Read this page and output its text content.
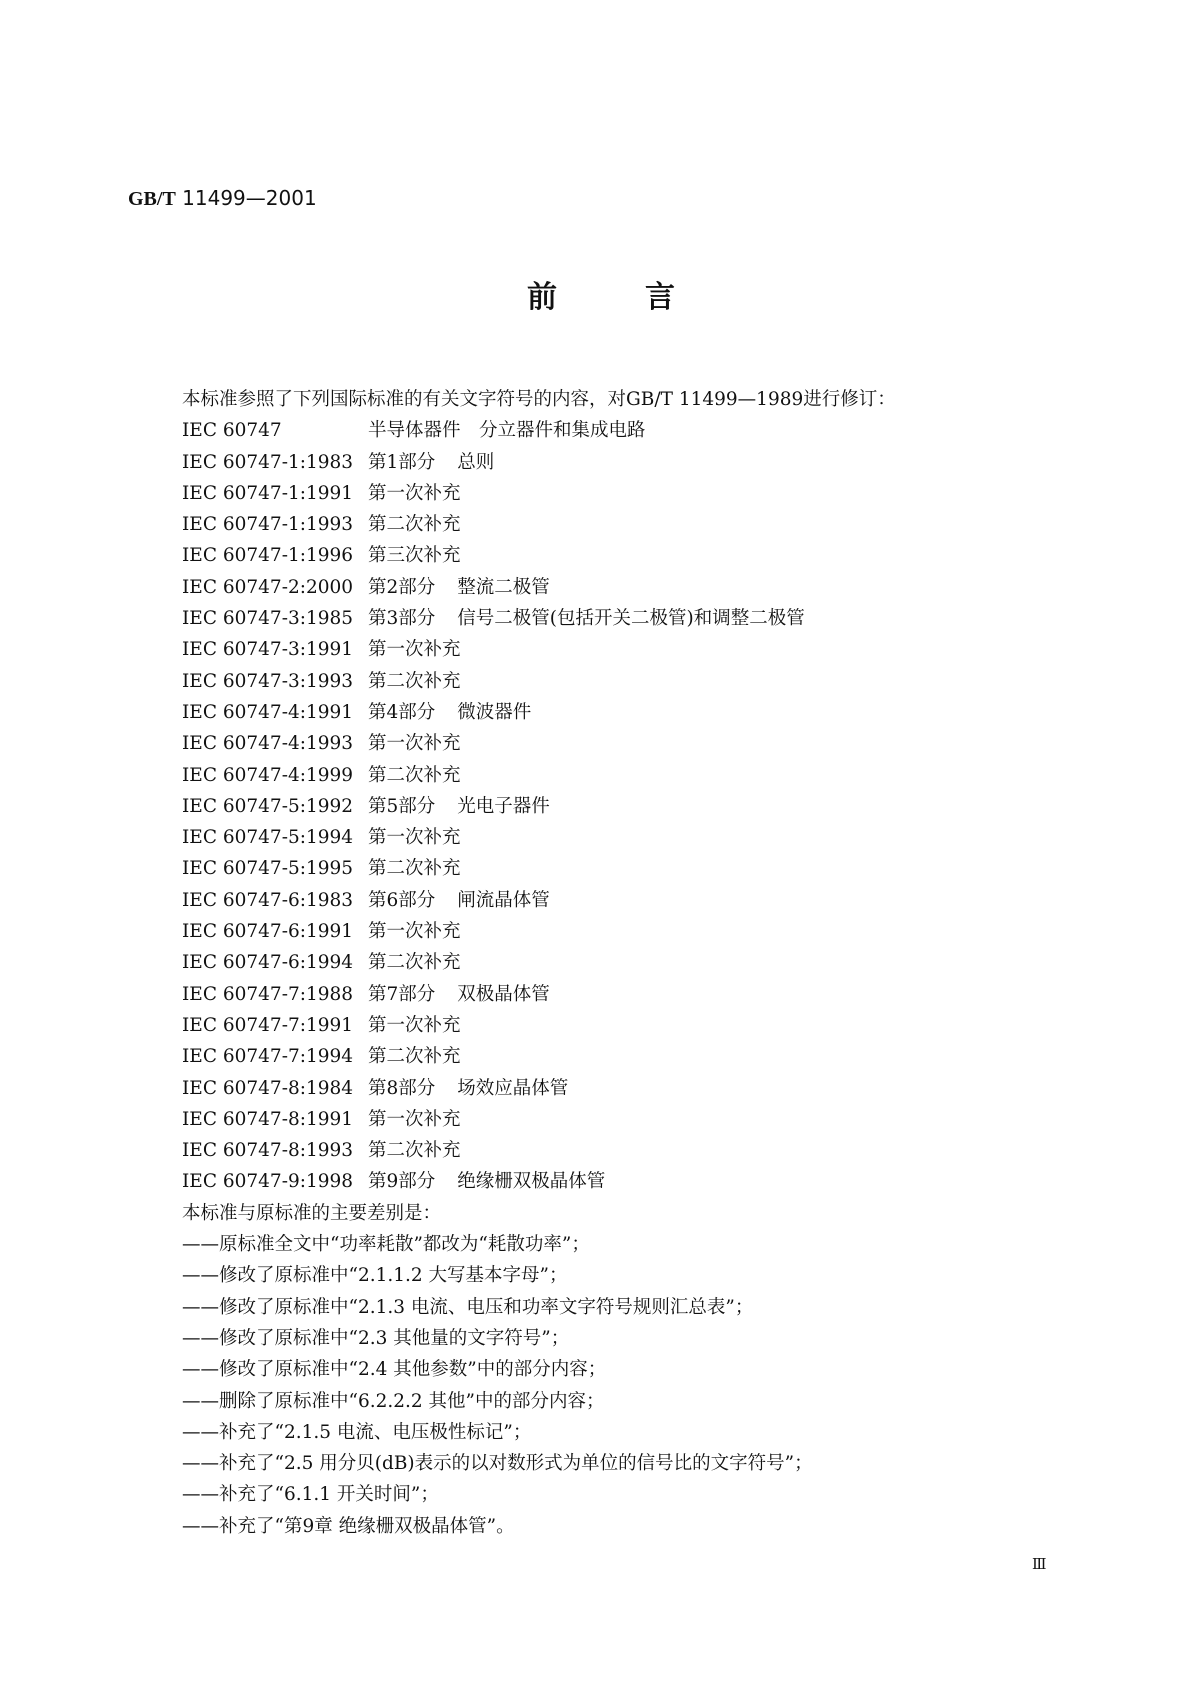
GB/T 11499—2001
前言
本标准参照了下列国际标准的有关文字符号的内容，对GB/T 11499—1989进行修订：
IEC 60747	半导体器件　分立器件和集成电路
IEC 60747-1:1983 第1部分 总则
IEC 60747-1:1991 第一次补充
IEC 60747-1:1993 第二次补充
IEC 60747-1:1996 第三次补充
IEC 60747-2:2000 第2部分 整流二极管
IEC 60747-3:1985 第3部分 信号二极管(包括开关二极管)和调整二极管
IEC 60747-3:1991 第一次补充
IEC 60747-3:1993 第二次补充
IEC 60747-4:1991 第4部分 微波器件
IEC 60747-4:1993 第一次补充
IEC 60747-4:1999 第二次补充
IEC 60747-5:1992 第5部分 光电子器件
IEC 60747-5:1994 第一次补充
IEC 60747-5:1995 第二次补充
IEC 60747-6:1983 第6部分 闸流晶体管
IEC 60747-6:1991 第一次补充
IEC 60747-6:1994 第二次补充
IEC 60747-7:1988 第7部分 双极晶体管
IEC 60747-7:1991 第一次补充
IEC 60747-7:1994 第二次补充
IEC 60747-8:1984 第8部分 场效应晶体管
IEC 60747-8:1991 第一次补充
IEC 60747-8:1993 第二次补充
IEC 60747-9:1998 第9部分 绝缘栅双极晶体管
本标准与原标准的主要差别是：
——原标准全文中“功率耗散”都改为“耗散功率”；
——修改了原标准中“2.1.1.2 大写基本字母”；
——修改了原标准中“2.1.3 电流、电压和功率文字符号规则汇总表”；
——修改了原标准中“2.3 其他量的文字符号”；
——修改了原标准中“2.4 其他参数”中的部分内容；
——删除了原标准中“6.2.2.2 其他”中的部分内容；
——补充了“2.1.5 电流、电压极性标记”；
——补充了“2.5 用分贝(dB)表示的以对数形式为单位的信号比的文字符号”；
——补充了“6.1.1 开关时间”；
——补充了“第9章 绝缘栅双极晶体管”。
Ⅲ
